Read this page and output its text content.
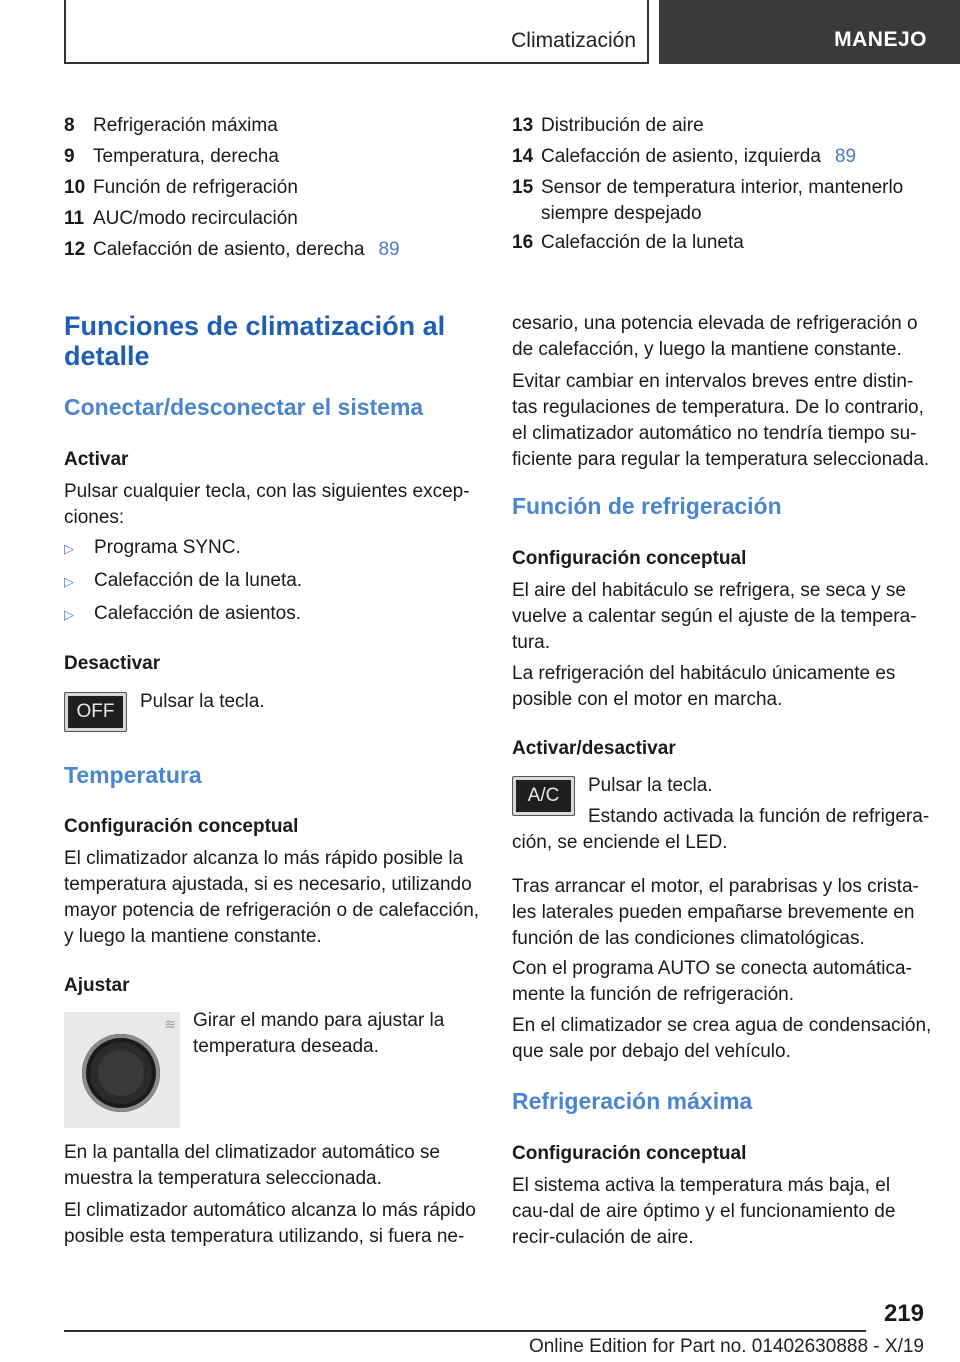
Climatización	MANEJO
8 Refrigeración máxima
9 Temperatura, derecha
10 Función de refrigeración
11 AUC/modo recirculación
12 Calefacción de asiento, derecha 89
13 Distribución de aire
14 Calefacción de asiento, izquierda 89
15 Sensor de temperatura interior, mantenerlo siempre despejado
16 Calefacción de la luneta
Funciones de climatización al detalle
Conectar/desconectar el sistema
Activar

Pulsar cualquier tecla, con las siguientes excep-ciones:

▷	Programa SYNC.
▷	Calefacción de la luneta.
▷	Calefacción de asientos.
Desactivar
OFF Pulsar la tecla.

Temperatura
Configuración conceptual

El climatizador alcanza lo más rápido posible la temperatura ajustada, si es necesario, utilizando mayor potencia de refrigeración o de calefacción, y luego la mantiene constante.

Ajustar
≋ Girar el mando para ajustar la temperatura deseada.

En la pantalla del climatizador automático se muestra la temperatura seleccionada.

El climatizador automático alcanza lo más rápido posible esta temperatura utilizando, si fuera ne-

cesario, una potencia elevada de refrigeración o de calefacción, y luego la mantiene constante.

Evitar cambiar en intervalos breves entre distin-tas regulaciones de temperatura. De lo contrario, el climatizador automático no tendría tiempo su-ficiente para regular la temperatura seleccionada.

Función de refrigeración
Configuración conceptual

El aire del habitáculo se refrigera, se seca y se vuelve a calentar según el ajuste de la tempera-tura.

La refrigeración del habitáculo únicamente es posible con el motor en marcha.

Activar/desactivar
A/C Pulsar la tecla.

Estando activada la función de refrigera-ción, se enciende el LED.

Tras arrancar el motor, el parabrisas y los crista-les laterales pueden empañarse brevemente en función de las condiciones climatológicas.

Con el programa AUTO se conecta automática-mente la función de refrigeración.

En el climatizador se crea agua de condensación, que sale por debajo del vehículo.

Refrigeración máxima
Configuración conceptual

El sistema activa la temperatura más baja, el cau-dal de aire óptimo y el funcionamiento de recir-culación de aire.

219
Online Edition for Part no. 01402630888 - X/19
